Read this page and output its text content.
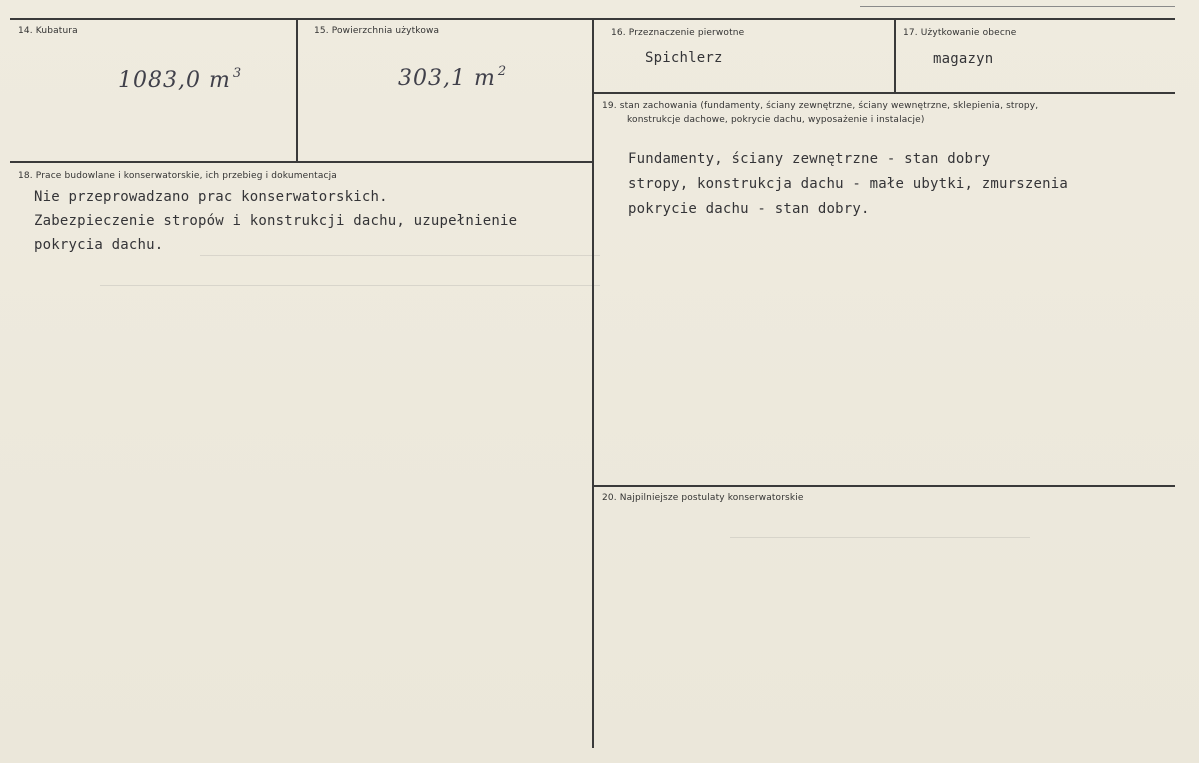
14. Kubatura
1083,0 m $^3$
15. Powierzchnia użytkowa
303,1 m $^2$
16. Przeznaczenie pierwotne
Spichlerz
17. Użytkowanie obecne
magazyn
18. Prace budowlane i konserwatorskie, ich przebieg i dokumentacja
Nie przeprowadzano prac konserwatorskich.
Zabezpieczenie stropów i konstrukcji dachu, uzupełnienie
pokrycia dachu.
19. stan zachowania (fundamenty, ściany zewnętrzne, ściany wewnętrzne, sklepienia, stropy,
konstrukcje dachowe, pokrycie dachu, wyposażenie i instalacje)
Fundamenty, ściany zewnętrzne - stan dobry
stropy, konstrukcja dachu - małe ubytki, zmurszenia
pokrycie dachu - stan dobry.
20. Najpilniejsze postulaty konserwatorskie
